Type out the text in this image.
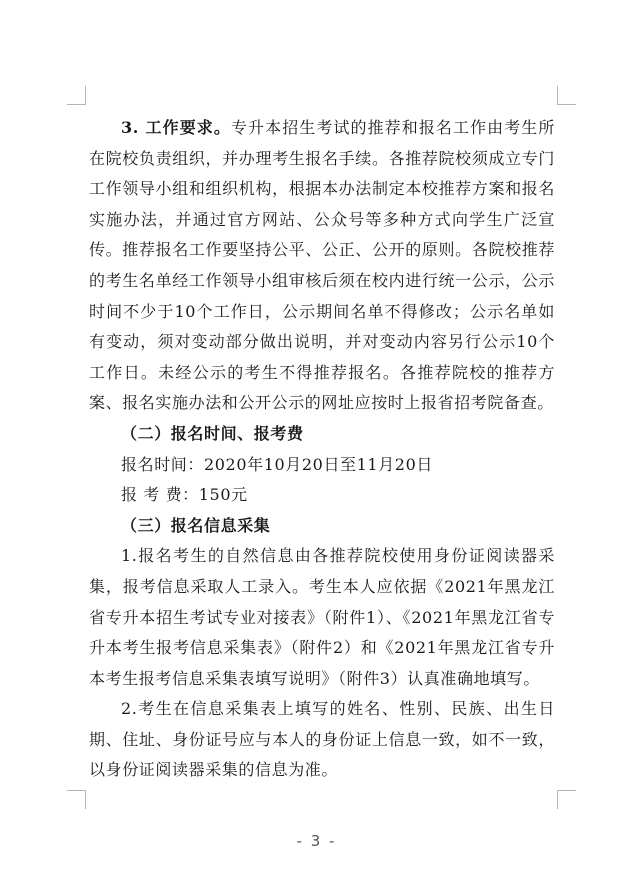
3. 工作要求。专升本招生考试的推荐和报名工作由考生所在院校负责组织，并办理考生报名手续。各推荐院校须成立专门工作领导小组和组织机构，根据本办法制定本校推荐方案和报名实施办法，并通过官方网站、公众号等多种方式向学生广泛宣传。推荐报名工作要坚持公平、公正、公开的原则。各院校推荐的考生名单经工作领导小组审核后须在校内进行统一公示，公示时间不少于10个工作日，公示期间名单不得修改；公示名单如有变动，须对变动部分做出说明，并对变动内容另行公示10个工作日。未经公示的考生不得推荐报名。各推荐院校的推荐方案、报名实施办法和公开公示的网址应按时上报省招考院备查。

（二）报名时间、报考费

报名时间：2020年10月20日至11月20日

报 考 费：150元

（三）报名信息采集

1.报名考生的自然信息由各推荐院校使用身份证阅读器采集，报考信息采取人工录入。考生本人应依据《2021年黑龙江省专升本招生考试专业对接表》（附件1）、《2021年黑龙江省专升本考生报考信息采集表》（附件2）和《2021年黑龙江省专升本考生报考信息采集表填写说明》（附件3）认真准确地填写。

2.考生在信息采集表上填写的姓名、性别、民族、出生日期、住址、身份证号应与本人的身份证上信息一致，如不一致，以身份证阅读器采集的信息为准。

- 3 -
